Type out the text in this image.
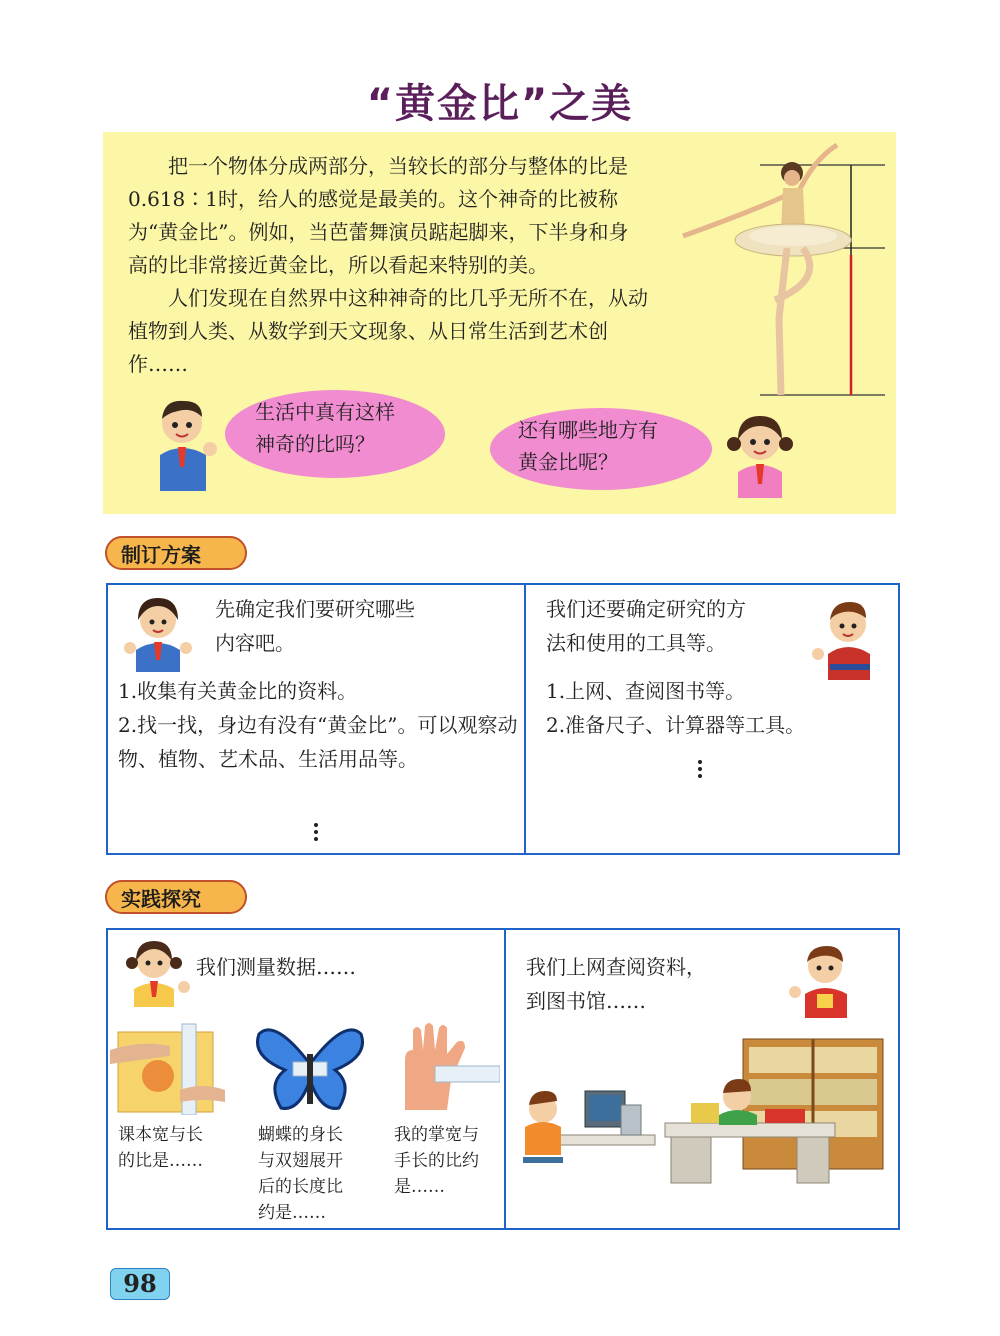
“黄金比”之美

把一个物体分成两部分，当较长的部分与整体的比是0.618∶1时，给人的感觉是最美的。这个神奇的比被称为“黄金比”。例如，当芭蕾舞演员踮起脚来，下半身和身高的比非常接近黄金比，所以看起来特别的美。

人们发现在自然界中这种神奇的比几乎无所不在，从动植物到人类、从数学到天文现象、从日常生活到艺术创作……

生活中真有这样
神奇的比吗？
还有哪些地方有
黄金比呢？
制订方案
先确定我们要研究哪些
内容吧。
1.收集有关黄金比的资料。
2.找一找，身边有没有“黄金比”。可以观察动物、植物、艺术品、生活用品等。
我们还要确定研究的方
法和使用的工具等。
1.上网、查阅图书等。
2.准备尺子、计算器等工具。
实践探究
我们测量数据……
课本宽与长
的比是……
蝴蝶的身长
与双翅展开
后的长度比
约是……
我的掌宽与
手长的比约
是……
我们上网查阅资料，
到图书馆……
98
